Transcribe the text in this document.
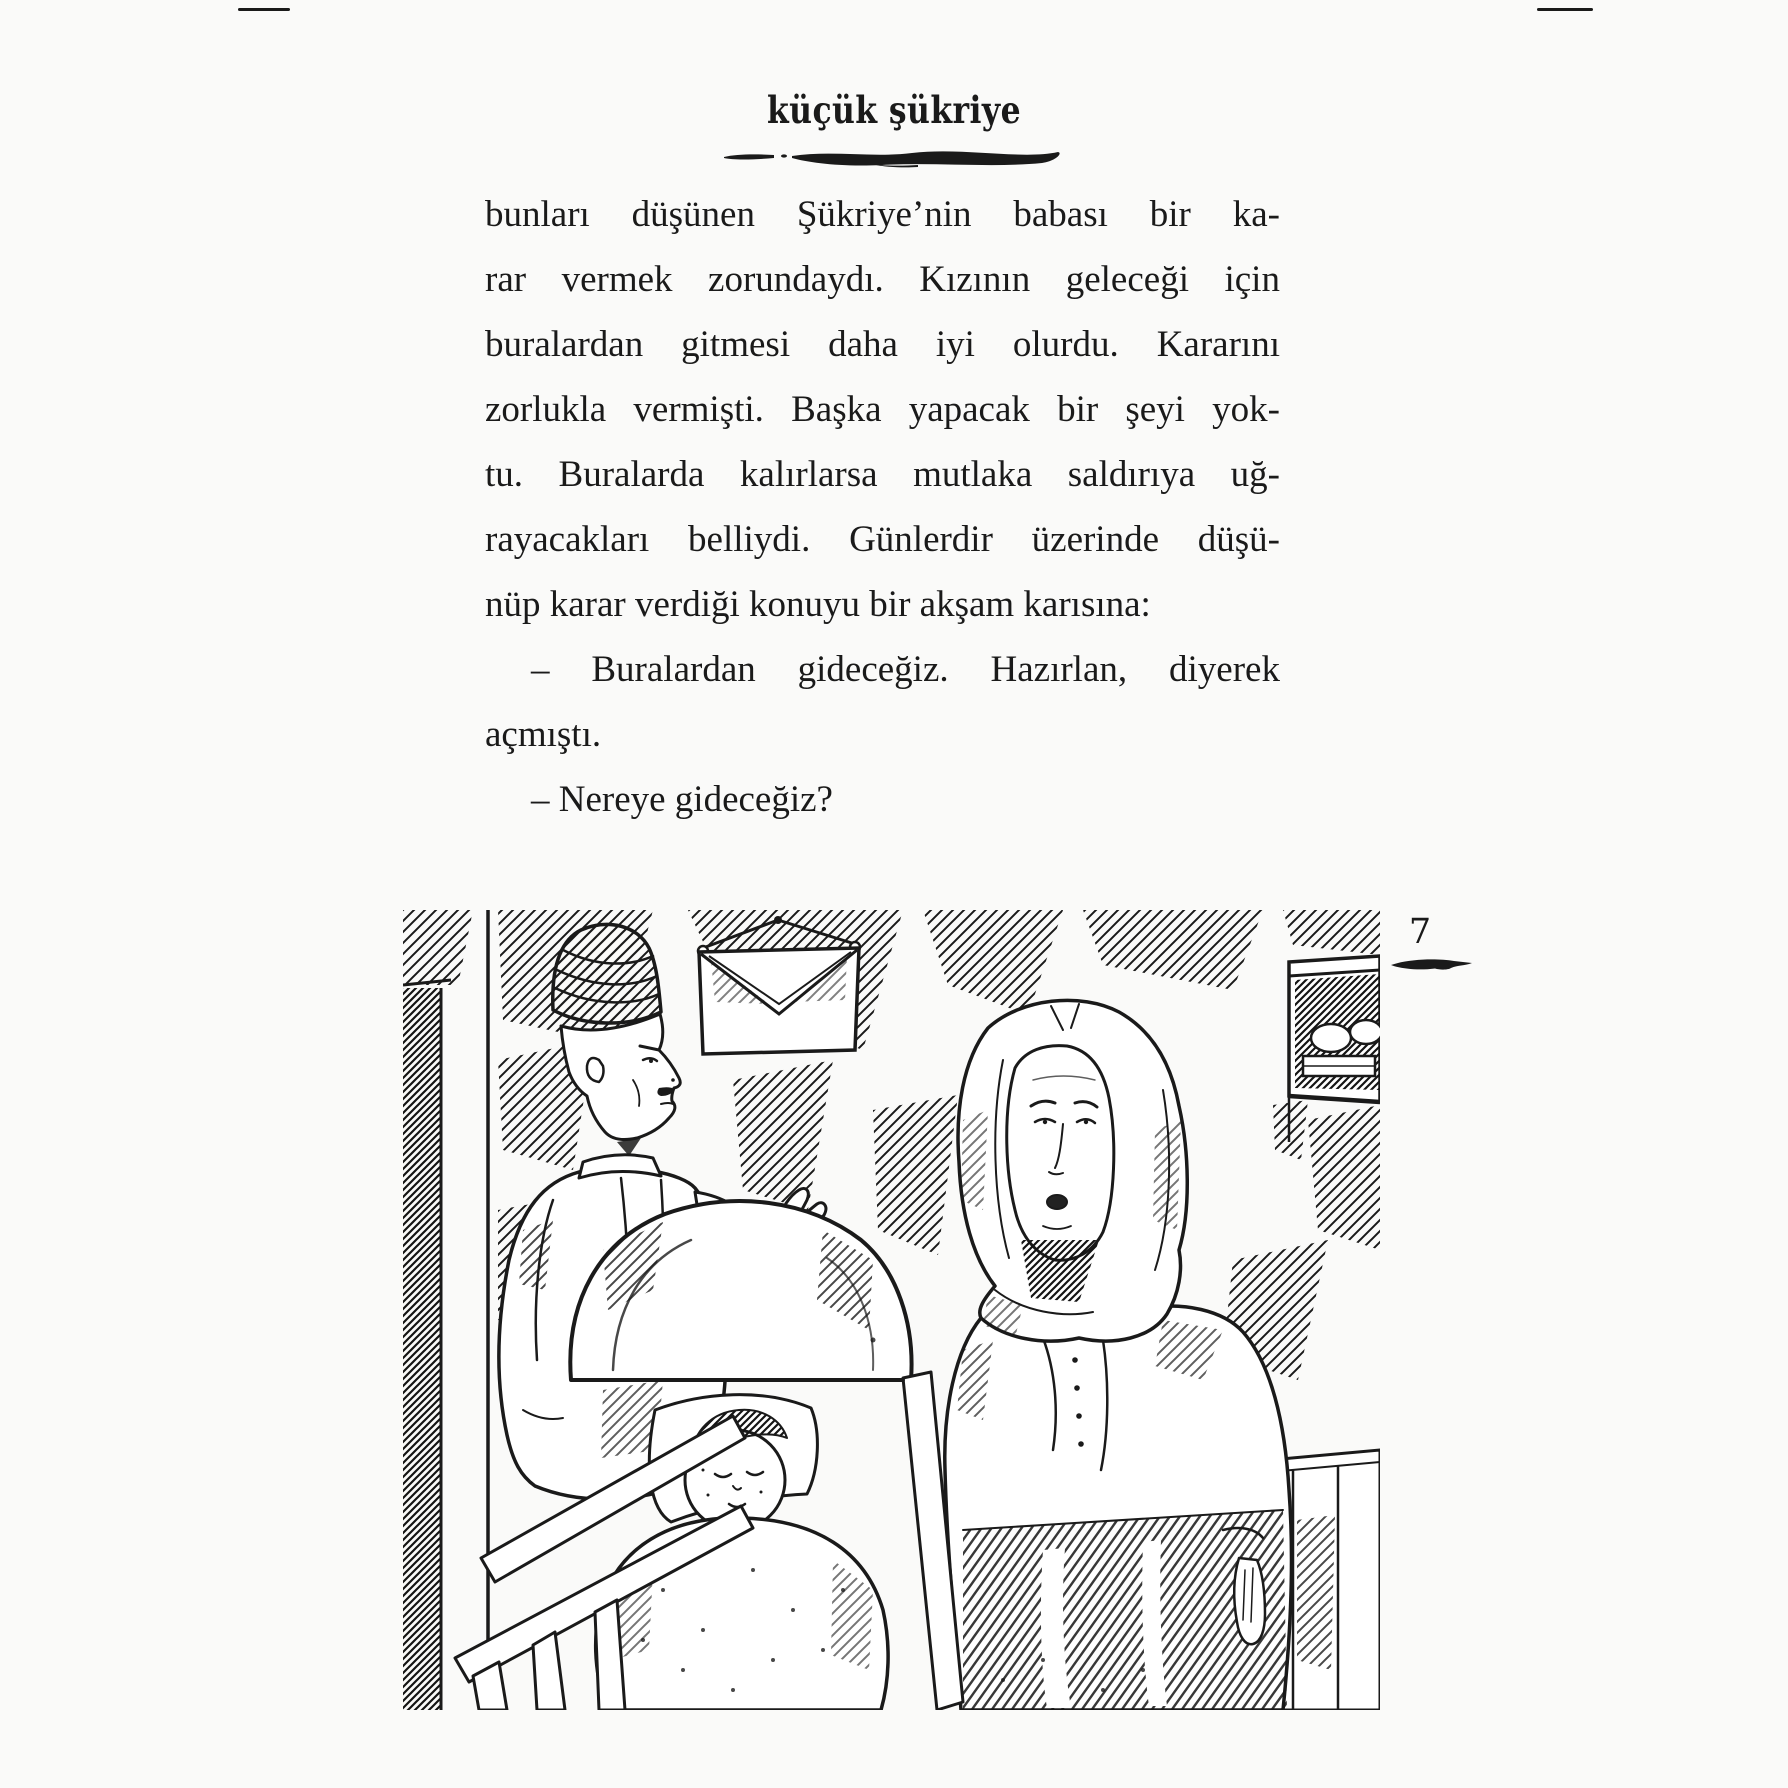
küçük şükriye
bunları düşünen Şükriye’nin babası bir ka-
rar vermek zorundaydı. Kızının geleceği için
buralardan gitmesi daha iyi olurdu. Kararını
zorlukla vermişti. Başka yapacak bir şeyi yok-
tu. Buralarda kalırlarsa mutlaka saldırıya uğ-
rayacakları belliydi. Günlerdir üzerinde düşü-
nüp karar verdiği konuyu bir akşam karısına:
– Buralardan gideceğiz. Hazırlan, diyerek
açmıştı.
– Nereye gideceğiz?
7
